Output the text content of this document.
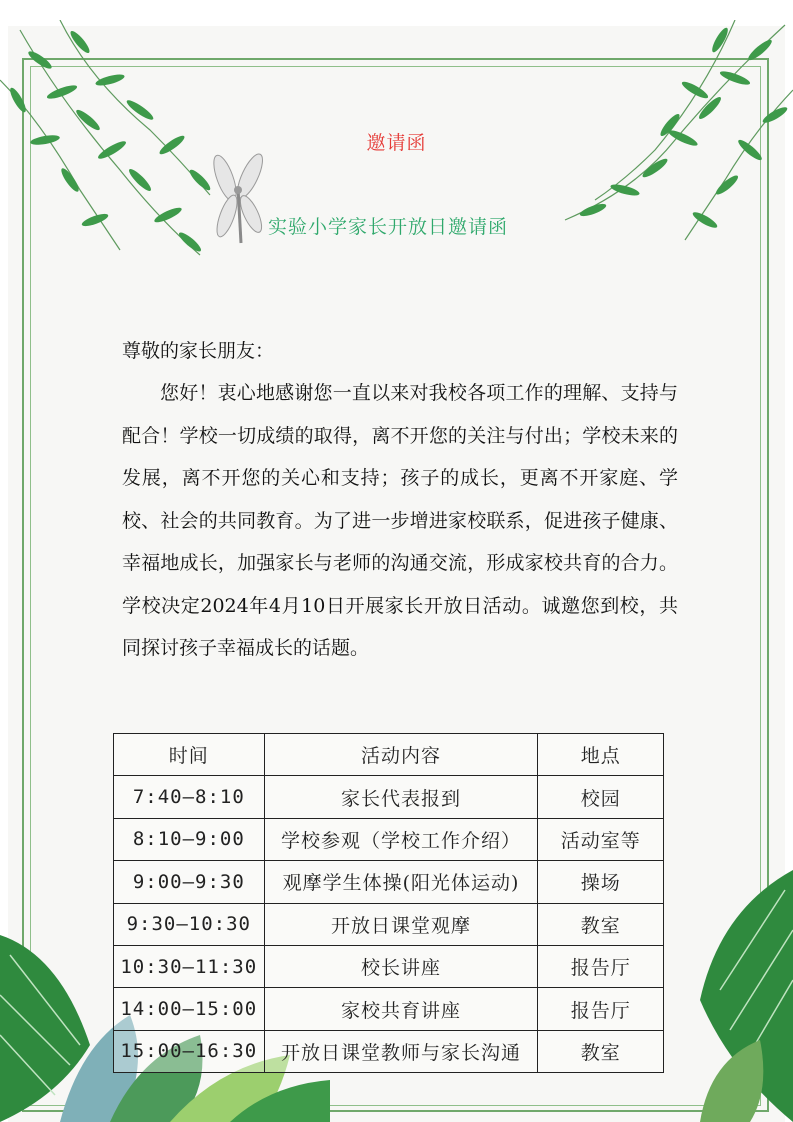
邀请函
实验小学家长开放日邀请函
尊敬的家长朋友：
您好！衷心地感谢您一直以来对我校各项工作的理解、支持与配合！学校一切成绩的取得，离不开您的关注与付出；学校未来的发展，离不开您的关心和支持；孩子的成长，更离不开家庭、学校、社会的共同教育。为了进一步增进家校联系，促进孩子健康、幸福地成长，加强家长与老师的沟通交流，形成家校共育的合力。学校决定2024年4月10日开展家长开放日活动。诚邀您到校，共同探讨孩子幸福成长的话题。
时间	活动内容	地点
7:40—8:10	家长代表报到	校园
8:10—9:00	学校参观（学校工作介绍）	活动室等
9:00—9:30	观摩学生体操(阳光体运动)	操场
9:30—10:30	开放日课堂观摩	教室
10:30—11:30	校长讲座	报告厅
14:00—15:00	家校共育讲座	报告厅
15:00—16:30	开放日课堂教师与家长沟通	教室
